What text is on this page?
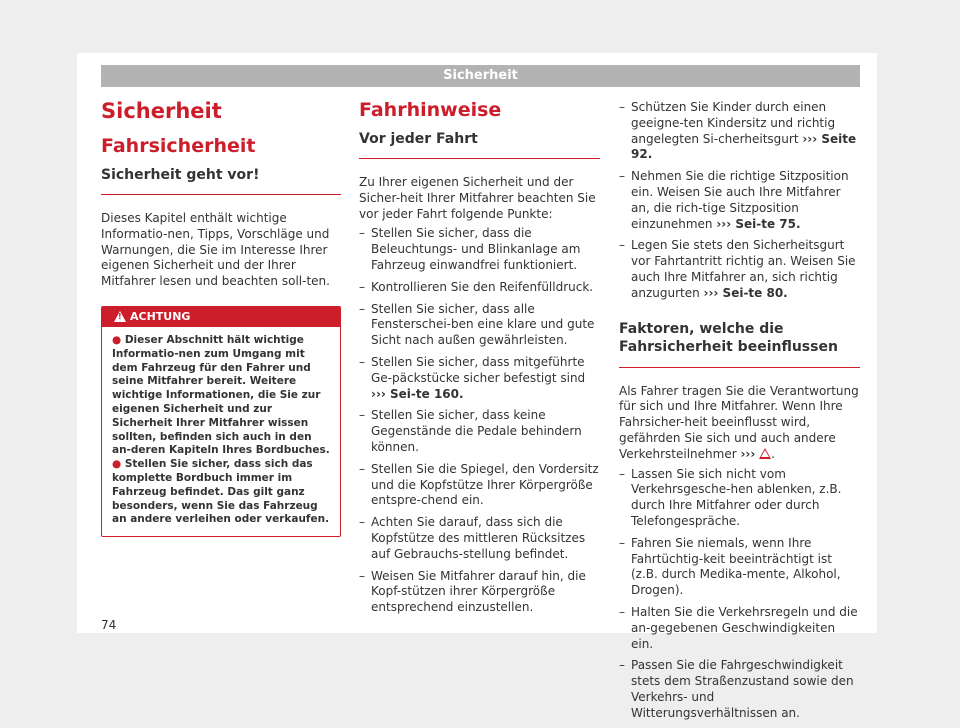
Sicherheit
Sicherheit
Fahrsicherheit
Sicherheit geht vor!

Dieses Kapitel enthält wichtige Informatio-nen, Tipps, Vorschläge und Warnungen, die Sie im Interesse Ihrer eigenen Sicherheit und der Ihrer Mitfahrer lesen und beachten soll-ten.

!
ACHTUNG
● Dieser Abschnitt hält wichtige Informatio-nen zum Umgang mit dem Fahrzeug für den Fahrer und seine Mitfahrer bereit. Weitere wichtige Informationen, die Sie zur eigenen Sicherheit und zur Sicherheit Ihrer Mitfahrer wissen sollten, befinden sich auch in den an-deren Kapiteln Ihres Bordbuches.
● Stellen Sie sicher, dass sich das komplette Bordbuch immer im Fahrzeug befindet. Das gilt ganz besonders, wenn Sie das Fahrzeug an andere verleihen oder verkaufen.
Fahrhinweise
Vor jeder Fahrt

Zu Ihrer eigenen Sicherheit und der Sicher-heit Ihrer Mitfahrer beachten Sie vor jeder Fahrt folgende Punkte:

– Stellen Sie sicher, dass die Beleuchtungs- und Blinkanlage am Fahrzeug einwandfrei funktioniert.
– Kontrollieren Sie den Reifenfülldruck.
– Stellen Sie sicher, dass alle Fensterschei-ben eine klare und gute Sicht nach außen gewährleisten.
– Stellen Sie sicher, dass mitgeführte Ge-päckstücke sicher befestigt sind ››› Sei-te 160.
– Stellen Sie sicher, dass keine Gegenstände die Pedale behindern können.
– Stellen Sie die Spiegel, den Vordersitz und die Kopfstütze Ihrer Körpergröße entspre-chend ein.
– Achten Sie darauf, dass sich die Kopfstütze des mittleren Rücksitzes auf Gebrauchs-stellung befindet.
– Weisen Sie Mitfahrer darauf hin, die Kopf-stützen ihrer Körpergröße entsprechend einzustellen.
– Schützen Sie Kinder durch einen geeigne-ten Kindersitz und richtig angelegten Si-cherheitsgurt ››› Seite 92.
– Nehmen Sie die richtige Sitzposition ein. Weisen Sie auch Ihre Mitfahrer an, die rich-tige Sitzposition einzunehmen ››› Sei-te 75.
– Legen Sie stets den Sicherheitsgurt vor Fahrtantritt richtig an. Weisen Sie auch Ihre Mitfahrer an, sich richtig anzugurten ››› Sei-te 80.
Faktoren, welche die Fahrsicherheit beeinflussen

Als Fahrer tragen Sie die Verantwortung für sich und Ihre Mitfahrer. Wenn Ihre Fahrsicher-heit beeinflusst wird, gefährden Sie sich und auch andere Verkehrsteilnehmer ››› .

– Lassen Sie sich nicht vom Verkehrsgesche-hen ablenken, z.B. durch Ihre Mitfahrer oder durch Telefongespräche.
– Fahren Sie niemals, wenn Ihre Fahrtüchtig-keit beeinträchtigt ist (z.B. durch Medika-mente, Alkohol, Drogen).
– Halten Sie die Verkehrsregeln und die an-gegebenen Geschwindigkeiten ein.
– Passen Sie die Fahrgeschwindigkeit stets dem Straßenzustand sowie den Verkehrs- und Witterungsverhältnissen an.
74
